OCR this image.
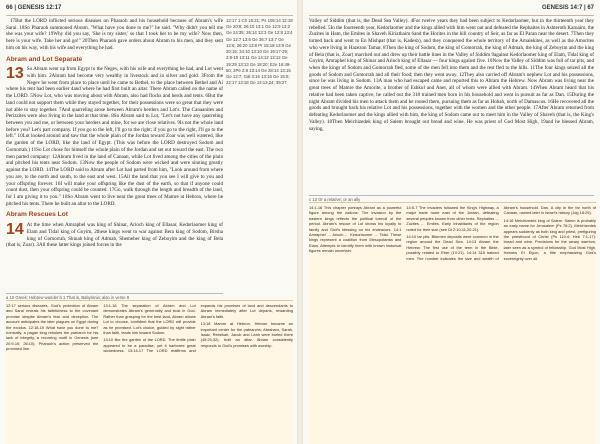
66 | GENESIS 12:17

17But the LORD inflicted serious diseases on Pharaoh and his household because of Abram's wife Sarai. 18So Pharaoh summoned Abram. "What have you done to me?" he said. "Why didn't you tell me she was your wife? 19Why did you say, 'She is my sister,' so that I took her to be my wife? Now then, here is your wife. Take her and go!" 20Then Pharaoh gave orders about Abram to his men, and they sent him on his way, with his wife and everything he had.

Abram and Lot Separate

13 So Abram went up from Egypt to the Negev, with his wife and everything he had, and Lot went with him. 2Abram had become very wealthy in livestock and in silver and gold. 3From the Negev he went from place to place until he came to Bethel, to the place between Bethel and Ai where his tent had been earlier 4and where he had first built an altar. There Abram called on the name of the LORD. 5Now Lot, who was moving about with Abram, also had flocks and herds and tents. 6But the land could not support them while they stayed together, for their possessions were so great that they were not able to stay together. 7And quarreling arose between Abram's herders and Lot's. The Canaanites and Perizzites were also living in the land at that time. 8So Abram said to Lot, "Let's not have any quarreling between you and me, or between your herders and mine, for we are close relatives. 9Is not the whole land before you? Let's part company. If you go to the left, I'll go to the right; if you go to the right, I'll go to the left." 10Lot looked around and saw that the whole plain of the Jordan toward Zoar was well watered, like the garden of the LORD, like the land of Egypt. (This was before the LORD destroyed Sodom and Gomorrah.) 11So Lot chose for himself the whole plain of the Jordan and set out toward the east. The two men parted company: 12Abram lived in the land of Canaan, while Lot lived among the cities of the plain and pitched his tents near Sodom. 13Now the people of Sodom were wicked and were sinning greatly against the LORD. 14The LORD said to Abram after Lot had parted from him, "Look around from where you are, to the north and south, to the east and west. 15All the land that you see I will give to you and your offspring forever. 16I will make your offspring like the dust of the earth, so that if anyone could count dust, then your offspring could be counted. 17Go, walk through the length and breadth of the land, for I am giving it to you." 18So Abram went to live near the great trees of Mamre at Hebron, where he pitched his tents. There he built an altar to the LORD.

Abram Rescues Lot

14 At the time when Amraphel was king of Shinar, Arioch king of Ellasar, Kedorlaomer king of Elam and Tidal king of Goyim, 2these kings went to war against Bera king of Sodom, Birsha king of Gomorrah, Shinab king of Admah, Shemeber king of Zeboyim and the king of Bela (that is, Zoar). 3All these latter kings joined forces in the

12:17 1 Ch 16:21; Ps 105:14 12:18 Ge 20:9; 26:10 13:1 Ge 12:9 13:2 Ge 24:35; 26:14 13:3 Ge 12:8 13:4 Ge 12:7 13:6 Ge 36:7 13:7 Ge 12:6; 26:20 13:8 Pr 15:18 13:9 Ge 20:15; 34:10 13:10 Ge 19:17-29; 2:8-10 13:11 Ge 14:12 13:12 Ge 19:29 13:13 Ge 18:20; Eze 16:49-50; 2Pe 2:8 13:14 Ge 28:14 13:15 Ge 12:7; Gal 3:16 13:16 Ge 15:5; 22:17 13:18 Ge 14:13,24; 35:27
a 10 Greek; Hebrew wander b 1 That is, Babylonia; also in verse 9
12:17 serious diseases. God's protection of Abram and Sarai reveals his faithfulness to the covenant promise despite Abram's fear and deception. The account anticipates the later plagues on Egypt during the exodus. 12:18-19 What have you done to me? Ironically, a pagan king rebukes the patriarch for his lack of integrity, a recurring motif in Genesis (see 20:9-10; 26:10). Pharaoh's action preserved the promised line.
13:1-18 The separation of Abram and Lot demonstrates Abram's generosity and trust in God. Rather than grasping for the best land, Abram allows Lot to choose, confident that the LORD will provide as he promised. Lot's choice, guided by sight rather than faith, leads him toward Sodom.
13:10 like the garden of the LORD. The fertile plain appeared to be a paradise, yet it harbored great wickedness. 13:14-17 The LORD reaffirms and expands his promises of land and descendants to Abram immediately after Lot departs, rewarding Abram's faith.
13:18 Mamre at Hebron. Hebron became an important center for the patriarchs; Abraham, Sarah, Isaac, Rebekah, Jacob and Leah were buried there (49:29-32). built an altar. Abram consistently responds to God's promises with worship.
GENESIS 14:7 | 67

Valley of Siddim (that is, the Dead Sea Valley). 4For twelve years they had been subject to Kedorlaomer, but in the thirteenth year they rebelled. 5In the fourteenth year, Kedorlaomer and the kings allied with him went out and defeated the Rephaites in Ashteroth Karnaim, the Zuzites in Ham, the Emites in Shaveh Kiriathaim 6and the Horites in the hill country of Seir, as far as El Paran near the desert. 7Then they turned back and went to En Mishpat (that is, Kadesh), and they conquered the whole territory of the Amalekites, as well as the Amorites who were living in Hazezon Tamar. 8Then the king of Sodom, the king of Gomorrah, the king of Admah, the king of Zeboyim and the king of Bela (that is, Zoar) marched out and drew up their battle lines in the Valley of Siddim 9against Kedorlaomer king of Elam, Tidal king of Goyim, Amraphel king of Shinar and Arioch king of Ellasar — four kings against five. 10Now the Valley of Siddim was full of tar pits, and when the kings of Sodom and Gomorrah fled, some of the men fell into them and the rest fled to the hills. 11The four kings seized all the goods of Sodom and Gomorrah and all their food; then they went away. 12They also carried off Abram's nephew Lot and his possessions, since he was living in Sodom. 13A man who had escaped came and reported this to Abram the Hebrew. Now Abram was living near the great trees of Mamre the Amorite, a brother of Eshkol and Aner, all of whom were allied with Abram. 14When Abram heard that his relative had been taken captive, he called out the 318 trained men born in his household and went in pursuit as far as Dan. 15During the night Abram divided his men to attack them and he routed them, pursuing them as far as Hobah, north of Damascus. 16He recovered all the goods and brought back his relative Lot and his possessions, together with the women and the other people. 17After Abram returned from defeating Kedorlaomer and the kings allied with him, the king of Sodom came out to meet him in the Valley of Shaveh (that is, the King's Valley). 18Then Melchizedek king of Salem brought out bread and wine. He was priest of God Most High, 19and he blessed Abram, saying,

c 13 Or a relative; or an ally
14:1-16 This chapter portrays Abram as a powerful figure among the nations. The invasion by the eastern kings reflects the political turmoil of the period. Abram's rescue of Lot shows his loyalty to family and God's blessing on his endeavors. 14:1 Amraphel ... Arioch ... Kedorlaomer ... Tidal. These kings represent a coalition from Mesopotamia and Elam. Attempts to identify them with known historical figures remain uncertain.
14:5-7 The invaders followed the King's Highway, a major trade route east of the Jordan, defeating several peoples known from other texts. Rephaites ... Zuzites ... Emites. Early inhabitants of the region noted for their size (see Dt 2:10-11,20-21).
14:10 tar pits. Bitumen deposits were common in the region around the Dead Sea. 14:13 Abram the Hebrew. The first use of the term in the Bible, possibly related to Eber (10:21). 14:14 318 trained men. The number indicates the size and wealth of Abram's household. Dan. A city in the far north of Canaan, named later in Israel's history (Jdg 18:29).
14:18 Melchizedek king of Salem. Salem is probably an early name for Jerusalem (Ps 76:2). Melchizedek appears suddenly as both king and priest, prefiguring the priesthood of Christ (Ps 110:4; Heb 7:1-17). bread and wine. Provisions for the weary warriors, later seen as a symbol of fellowship. God Most High. Hebrew El Elyon, a title emphasizing God's sovereignty over all.
